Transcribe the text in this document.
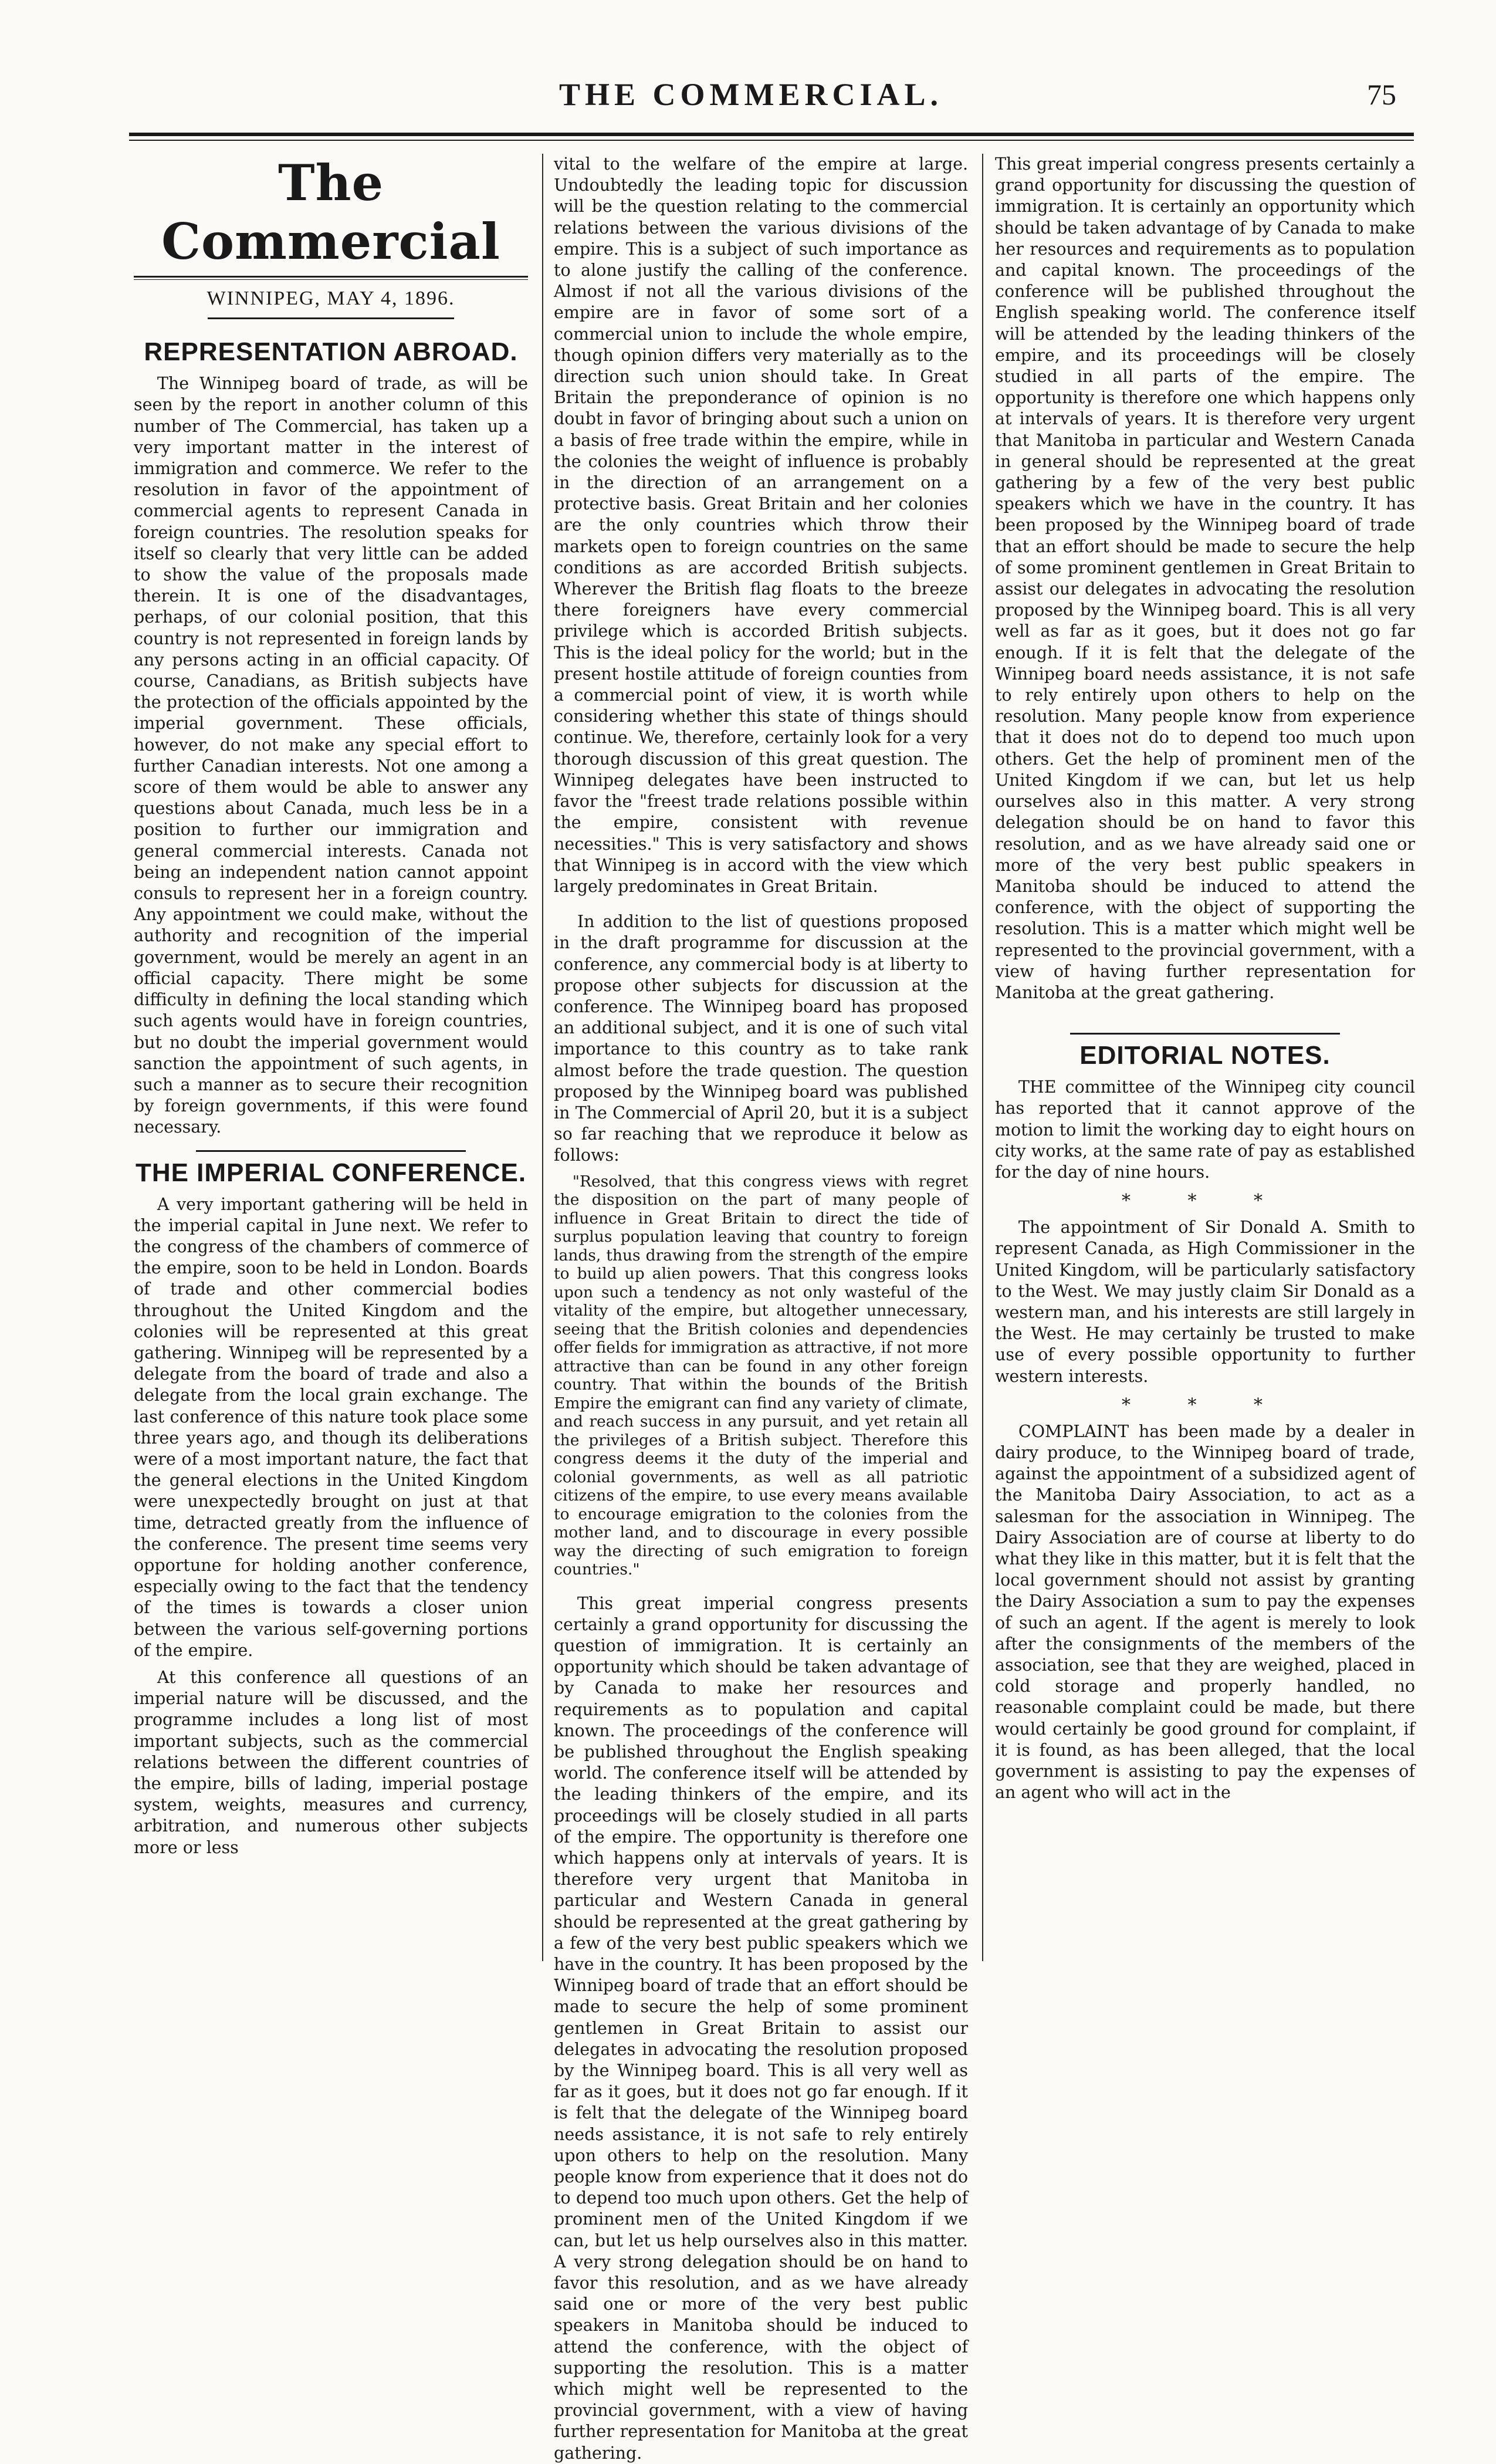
THE COMMERCIAL.	75
The Commercial
WINNIPEG, MAY 4, 1896.
REPRESENTATION ABROAD.

The Winnipeg board of trade, as will be seen by the report in another column of this number of The Commercial, has taken up a very important matter in the interest of immigration and commerce. We refer to the resolution in favor of the appointment of commercial agents to represent Canada in foreign countries. The resolution speaks for itself so clearly that very little can be added to show the value of the proposals made therein. It is one of the disadvantages, perhaps, of our colonial position, that this country is not represented in foreign lands by any persons acting in an official capacity. Of course, Canadians, as British subjects have the protection of the officials appointed by the imperial government. These officials, however, do not make any special effort to further Canadian interests. Not one among a score of them would be able to answer any questions about Canada, much less be in a position to further our immigration and general commercial interests. Canada not being an independent nation cannot appoint consuls to represent her in a foreign country. Any appointment we could make, without the authority and recognition of the imperial government, would be merely an agent in an official capacity. There might be some difficulty in defining the local standing which such agents would have in foreign countries, but no doubt the imperial government would sanction the appointment of such agents, in such a manner as to secure their recognition by foreign governments, if this were found necessary.

THE IMPERIAL CONFERENCE.

A very important gathering will be held in the imperial capital in June next. We refer to the congress of the chambers of commerce of the empire, soon to be held in London. Boards of trade and other commercial bodies throughout the United Kingdom and the colonies will be represented at this great gathering. Winnipeg will be represented by a delegate from the board of trade and also a delegate from the local grain exchange. The last conference of this nature took place some three years ago, and though its deliberations were of a most important nature, the fact that the general elections in the United Kingdom were unexpectedly brought on just at that time, detracted greatly from the influence of the conference. The present time seems very opportune for holding another conference, especially owing to the fact that the tendency of the times is towards a closer union between the various self-governing portions of the empire.

At this conference all questions of an imperial nature will be discussed, and the programme includes a long list of most important subjects, such as the commercial relations between the different countries of the empire, bills of lading, imperial postage system, weights, measures and currency, arbitration, and numerous other subjects more or less

vital to the welfare of the empire at large. Undoubtedly the leading topic for discussion will be the question relating to the commercial relations between the various divisions of the empire. This is a subject of such importance as to alone justify the calling of the conference. Almost if not all the various divisions of the empire are in favor of some sort of a commercial union to include the whole empire, though opinion differs very materially as to the direction such union should take. In Great Britain the preponderance of opinion is no doubt in favor of bringing about such a union on a basis of free trade within the empire, while in the colonies the weight of influence is probably in the direction of an arrangement on a protective basis. Great Britain and her colonies are the only countries which throw their markets open to foreign countries on the same conditions as are accorded British subjects. Wherever the British flag floats to the breeze there foreigners have every commercial privilege which is accorded British subjects. This is the ideal policy for the world; but in the present hostile attitude of foreign counties from a commercial point of view, it is worth while considering whether this state of things should continue. We, therefore, certainly look for a very thorough discussion of this great question. The Winnipeg delegates have been instructed to favor the "freest trade relations possible within the empire, consistent with revenue necessities." This is very satisfactory and shows that Winnipeg is in accord with the view which largely predominates in Great Britain.

In addition to the list of questions proposed in the draft programme for discussion at the conference, any commercial body is at liberty to propose other subjects for discussion at the conference. The Winnipeg board has proposed an additional subject, and it is one of such vital importance to this country as to take rank almost before the trade question. The question proposed by the Winnipeg board was published in The Commercial of April 20, but it is a subject so far reaching that we reproduce it below as follows:

"Resolved, that this congress views with regret the disposition on the part of many people of influence in Great Britain to direct the tide of surplus population leaving that country to foreign lands, thus drawing from the strength of the empire to build up alien powers. That this congress looks upon such a tendency as not only wasteful of the vitality of the empire, but altogether unnecessary, seeing that the British colonies and dependencies offer fields for immigration as attractive, if not more attractive than can be found in any other foreign country. That within the bounds of the British Empire the emigrant can find any variety of climate, and reach success in any pursuit, and yet retain all the privileges of a British subject. Therefore this congress deems it the duty of the imperial and colonial governments, as well as all patriotic citizens of the empire, to use every means available to encourage emigration to the colonies from the mother land, and to discourage in every possible way the directing of such emigration to foreign countries."

This great imperial congress presents certainly a grand opportunity for discussing the question of immigration. It is certainly an opportunity which should be taken advantage of by Canada to make her resources and requirements as to population and capital known. The proceedings of the conference will be published throughout the English speaking world. The conference itself will be attended by the leading thinkers of the empire, and its proceedings will be closely studied in all parts of the empire. The opportunity is therefore one which happens only at intervals of years. It is therefore very urgent that Manitoba in particular and Western Canada in general should be represented at the great gathering by a few of the very best public speakers which we have in the country. It has been proposed by the Winnipeg board of trade that an effort should be made to secure the help of some prominent gentlemen in Great Britain to assist our delegates in advocating the resolution proposed by the Winnipeg board. This is all very well as far as it goes, but it does not go far enough. If it is felt that the delegate of the Winnipeg board needs assistance, it is not safe to rely entirely upon others to help on the resolution. Many people know from experience that it does not do to depend too much upon others. Get the help of prominent men of the United Kingdom if we can, but let us help ourselves also in this matter. A very strong delegation should be on hand to favor this resolution, and as we have already said one or more of the very best public speakers in Manitoba should be induced to attend the conference, with the object of supporting the resolution. This is a matter which might well be represented to the provincial government, with a view of having further representation for Manitoba at the great gathering.

This great imperial congress presents certainly a grand opportunity for discussing the question of immigration. It is certainly an opportunity which should be taken advantage of by Canada to make her resources and requirements as to population and capital known. The proceedings of the conference will be published throughout the English speaking world. The conference itself will be attended by the leading thinkers of the empire, and its proceedings will be closely studied in all parts of the empire. The opportunity is therefore one which happens only at intervals of years. It is therefore very urgent that Manitoba in particular and Western Canada in general should be represented at the great gathering by a few of the very best public speakers which we have in the country. It has been proposed by the Winnipeg board of trade that an effort should be made to secure the help of some prominent gentlemen in Great Britain to assist our delegates in advocating the resolution proposed by the Winnipeg board. This is all very well as far as it goes, but it does not go far enough. If it is felt that the delegate of the Winnipeg board needs assistance, it is not safe to rely entirely upon others to help on the resolution. Many people know from experience that it does not do to depend too much upon others. Get the help of prominent men of the United Kingdom if we can, but let us help ourselves also in this matter. A very strong delegation should be on hand to favor this resolution, and as we have already said one or more of the very best public speakers in Manitoba should be induced to attend the conference, with the object of supporting the resolution. This is a matter which might well be represented to the provincial government, with a view of having further representation for Manitoba at the great gathering.

EDITORIAL NOTES.

THE committee of the Winnipeg city council has reported that it cannot approve of the motion to limit the working day to eight hours on city works, at the same rate of pay as established for the day of nine hours.

* * *

The appointment of Sir Donald A. Smith to represent Canada, as High Commissioner in the United Kingdom, will be particularly satisfactory to the West. We may justly claim Sir Donald as a western man, and his interests are still largely in the West. He may certainly be trusted to make use of every possible opportunity to further western interests.

* * *

COMPLAINT has been made by a dealer in dairy produce, to the Winnipeg board of trade, against the appointment of a subsidized agent of the Manitoba Dairy Association, to act as a salesman for the association in Winnipeg. The Dairy Association are of course at liberty to do what they like in this matter, but it is felt that the local government should not assist by granting the Dairy Association a sum to pay the expenses of such an agent. If the agent is merely to look after the consignments of the members of the association, see that they are weighed, placed in cold storage and properly handled, no reasonable complaint could be made, but there would certainly be good ground for complaint, if it is found, as has been alleged, that the local government is assisting to pay the expenses of an agent who will act in the
